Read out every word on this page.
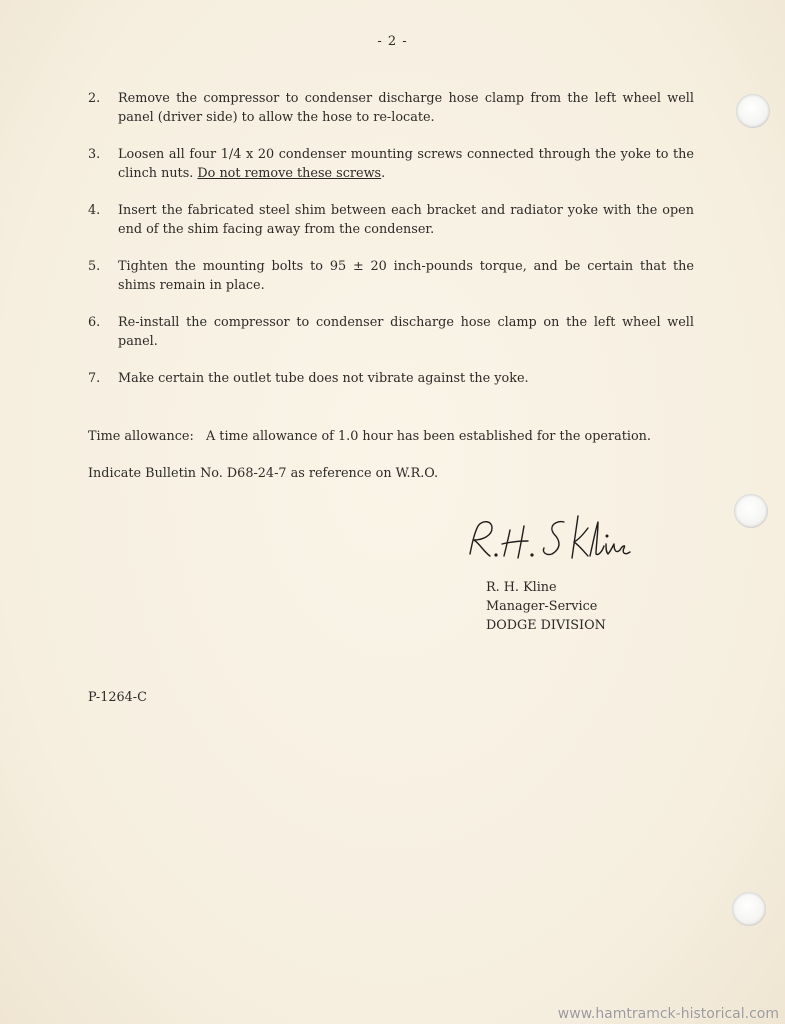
- 2 -
2. Remove the compressor to condenser discharge hose clamp from the left wheel well panel (driver side) to allow the hose to re-locate.
3. Loosen all four 1/4 x 20 condenser mounting screws connected through the yoke to the clinch nuts. Do not remove these screws.
4. Insert the fabricated steel shim between each bracket and radiator yoke with the open end of the shim facing away from the condenser.
5. Tighten the mounting bolts to 95 ± 20 inch-pounds torque, and be certain that the shims remain in place.
6. Re-install the compressor to condenser discharge hose clamp on the left wheel well panel.
7. Make certain the outlet tube does not vibrate against the yoke.
Time allowance:   A time allowance of 1.0 hour has been established for the operation.
Indicate Bulletin No. D68-24-7 as reference on W.R.O.
R. H. Kline
Manager-Service
DODGE DIVISION
P-1264-C
www.hamtramck-historical.com
